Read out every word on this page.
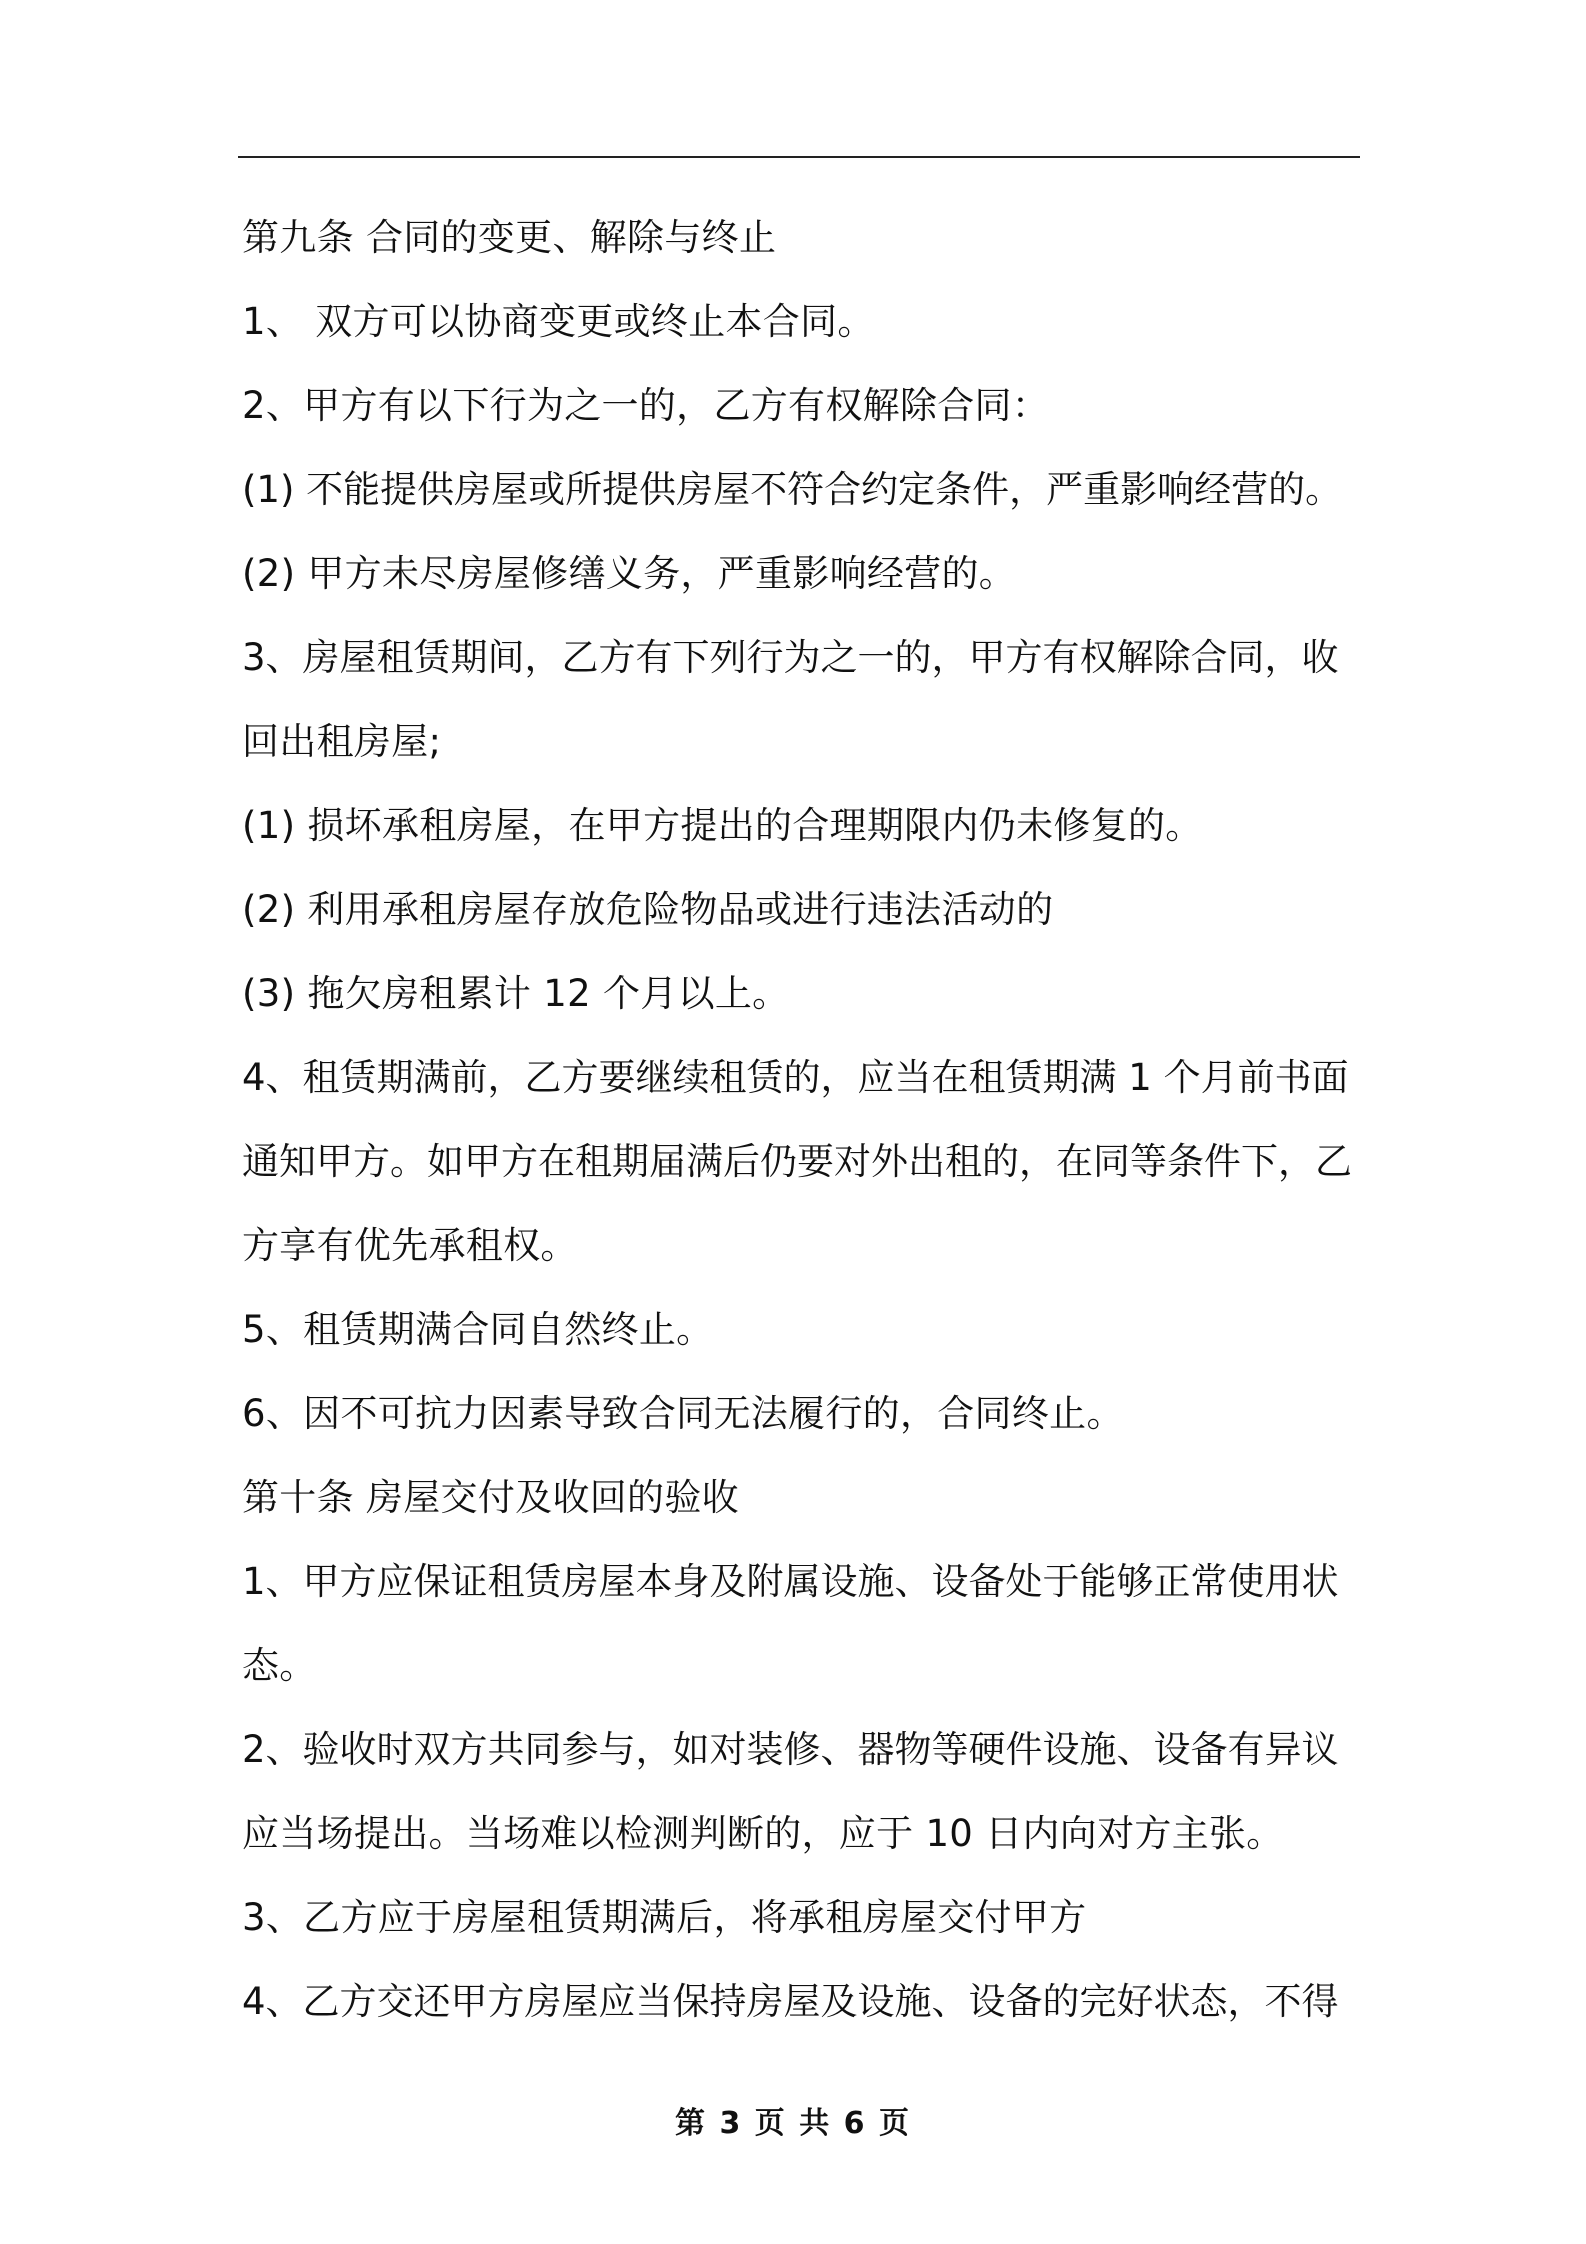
第九条 合同的变更、解除与终止
1、 双方可以协商变更或终止本合同。
2、甲方有以下行为之一的，乙方有权解除合同：
(1) 不能提供房屋或所提供房屋不符合约定条件，严重影响经营的。
(2) 甲方未尽房屋修缮义务，严重影响经营的。
3、房屋租赁期间，乙方有下列行为之一的，甲方有权解除合同，收
回出租房屋;
(1) 损坏承租房屋，在甲方提出的合理期限内仍未修复的。
(2) 利用承租房屋存放危险物品或进行违法活动的
(3) 拖欠房租累计 12 个月以上。
4、租赁期满前，乙方要继续租赁的，应当在租赁期满 1 个月前书面
通知甲方。如甲方在租期届满后仍要对外出租的，在同等条件下，乙
方享有优先承租权。
5、租赁期满合同自然终止。
6、因不可抗力因素导致合同无法履行的，合同终止。
第十条 房屋交付及收回的验收
1、甲方应保证租赁房屋本身及附属设施、设备处于能够正常使用状
态。
2、验收时双方共同参与，如对装修、器物等硬件设施、设备有异议
应当场提出。当场难以检测判断的，应于 10 日内向对方主张。
3、乙方应于房屋租赁期满后，将承租房屋交付甲方
4、乙方交还甲方房屋应当保持房屋及设施、设备的完好状态，不得
第 3 页 共 6 页
